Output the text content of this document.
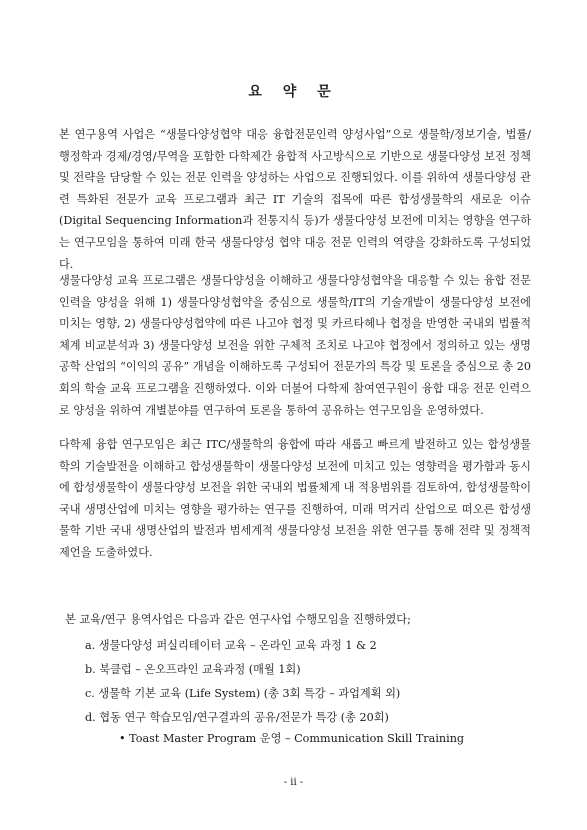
요 약 문

본 연구용역 사업은 “생물다양성협약 대응 융합전문인력 양성사업”으로 생물학/정보기술, 법률/행정학과 경제/경영/무역을 포함한 다학제간 융합적 사고방식으로 기반으로 생물다양성 보전 정책 및 전략을 담당할 수 있는 전문 인력을 양성하는 사업으로 진행되었다. 이를 위하여 생물다양성 관련 특화된 전문가 교육 프로그램과 최근 IT 기술의 접목에 따른 합성생물학의 새로운 이슈(Digital Sequencing Information과 전통지식 등)가 생물다양성 보전에 미치는 영향을 연구하는 연구모임을 통하여 미래 한국 생물다양성 협약 대응 전문 인력의 역량을 강화하도록 구성되었다.

생물다양성 교육 프로그램은 생물다양성을 이해하고 생물다양성협약을 대응할 수 있는 융합 전문 인력을 양성을 위해 1) 생물다양성협약을 중심으로 생물학/IT의 기술개발이 생물다양성 보전에 미치는 영향, 2) 생물다양성협약에 따른 나고야 협정 및 카르타헤나 협정을 반영한 국내외 법률적 체계 비교분석과 3) 생물다양성 보전을 위한 구체적 조치로 나고야 협정에서 정의하고 있는 생명공학 산업의 “이익의 공유” 개념을 이해하도록 구성되어 전문가의 특강 및 토론을 중심으로 총 20회의 학술 교육 프로그램을 진행하였다. 이와 더불어 다학제 참여연구원이 융합 대응 전문 인력으로 양성을 위하여 개별분야를 연구하여 토론을 통하여 공유하는 연구모임을 운영하였다.

다학제 융합 연구모임은 최근 ITC/생물학의 융합에 따라 새롭고 빠르게 발전하고 있는 합성생물학의 기술발전을 이해하고 합성생물학이 생물다양성 보전에 미치고 있는 영향력을 평가함과 동시에 합성생물학이 생물다양성 보전을 위한 국내외 법률체계 내 적용범위를 검토하여, 합성생물학이 국내 생명산업에 미치는 영향을 평가하는 연구를 진행하여, 미래 먹거리 산업으로 떠오른 합성생물학 기반 국내 생명산업의 발전과 범세계적 생물다양성 보전을 위한 연구를 통해 전략 및 정책적 제언을 도출하였다.

본 교육/연구 용역사업은 다음과 같은 연구사업 수행모임을 진행하였다;
a. 생물다양성 퍼실리테이터 교육 – 온라인 교육 과정 1 & 2
b. 북클럽 – 온오프라인 교육과정 (매월 1회)
c. 생물학 기본 교육 (Life System) (총 3회 특강 – 과업계획 외)
d. 협동 연구 학습모임/연구결과의 공유/전문가 특강 (총 20회)
• Toast Master Program 운영 – Communication Skill Training
- ii -
